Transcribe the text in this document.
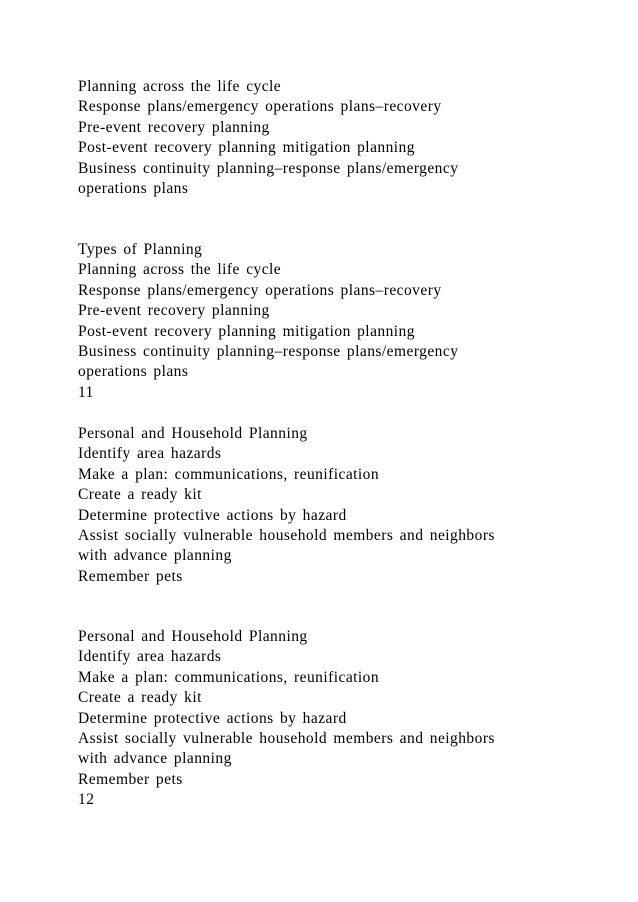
Planning across the life cycle
Response plans/emergency operations plans–recovery
Pre-event recovery planning
Post-event recovery planning mitigation planning
Business continuity planning–response plans/emergency
operations plans
Types of Planning
Planning across the life cycle
Response plans/emergency operations plans–recovery
Pre-event recovery planning
Post-event recovery planning mitigation planning
Business continuity planning–response plans/emergency
operations plans
11
Personal and Household Planning
Identify area hazards
Make a plan: communications, reunification
Create a ready kit
Determine protective actions by hazard
Assist socially vulnerable household members and neighbors
with advance planning
Remember pets
Personal and Household Planning
Identify area hazards
Make a plan: communications, reunification
Create a ready kit
Determine protective actions by hazard
Assist socially vulnerable household members and neighbors
with advance planning
Remember pets
12
